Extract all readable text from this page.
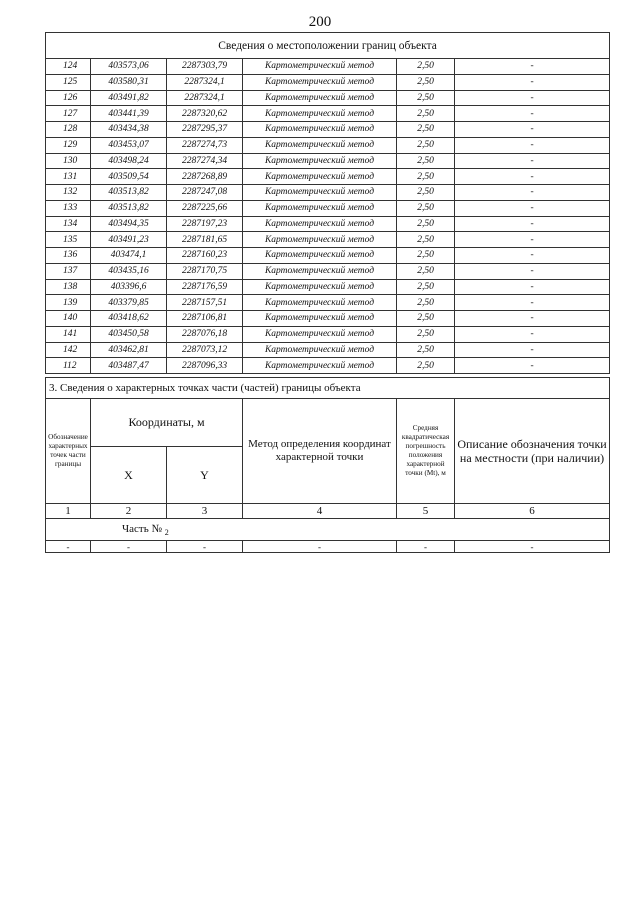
200
Сведения о местоположении границ объекта					
124	403573,06	2287303,79	Картометрический метод	2,50	-
125	403580,31	2287324,1	Картометрический метод	2,50	-
126	403491,82	2287324,1	Картометрический метод	2,50	-
127	403441,39	2287320,62	Картометрический метод	2,50	-
128	403434,38	2287295,37	Картометрический метод	2,50	-
129	403453,07	2287274,73	Картометрический метод	2,50	-
130	403498,24	2287274,34	Картометрический метод	2,50	-
131	403509,54	2287268,89	Картометрический метод	2,50	-
132	403513,82	2287247,08	Картометрический метод	2,50	-
133	403513,82	2287225,66	Картометрический метод	2,50	-
134	403494,35	2287197,23	Картометрический метод	2,50	-
135	403491,23	2287181,65	Картометрический метод	2,50	-
136	403474,1	2287160,23	Картометрический метод	2,50	-
137	403435,16	2287170,75	Картометрический метод	2,50	-
138	403396,6	2287176,59	Картометрический метод	2,50	-
139	403379,85	2287157,51	Картометрический метод	2,50	-
140	403418,62	2287106,81	Картометрический метод	2,50	-
141	403450,58	2287076,18	Картометрический метод	2,50	-
142	403462,81	2287073,12	Картометрический метод	2,50	-
112	403487,47	2287096,33	Картометрический метод	2,50	-
3. Сведения о характерных точках части (частей) границы объекта					
Обозначение характерных точек части границы	Координаты, м		Метод определения координат характерной точки	Средняя квадратическая погрешность положения характерной точки (Мt), м	Описание обозначения точки на местности (при наличии)
	X	Y			
1	2	3	4	5	6
Часть № $_2$
-	-	-	-	-	-
